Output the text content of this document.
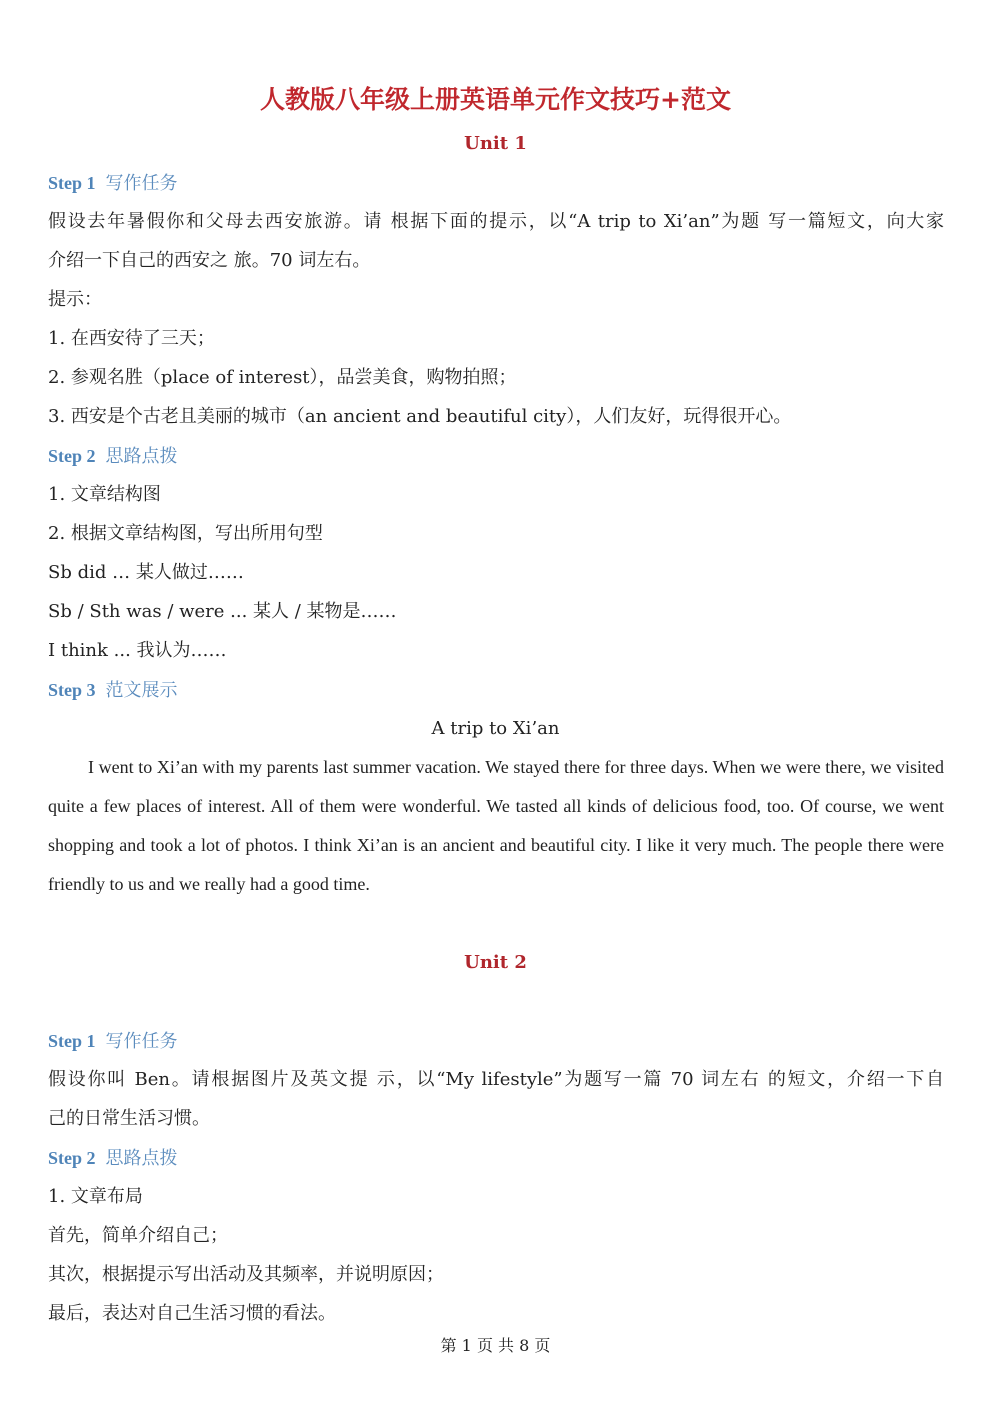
人教版八年级上册英语单元作文技巧+范文
Unit 1
Step 1 写作任务
假设去年暑假你和父母去西安旅游。请 根据下面的提示，以“A trip to Xi’an”为题 写一篇短文，向大家
介绍一下自己的西安之 旅。70 词左右。
提示：
1. 在西安待了三天；
2. 参观名胜（place of interest），品尝美食，购物拍照；
3. 西安是个古老且美丽的城市（an ancient and beautiful city），人们友好，玩得很开心。
Step 2 思路点拨
1. 文章结构图
2. 根据文章结构图，写出所用句型
Sb did … 某人做过……
Sb / Sth was / were ... 某人 / 某物是……
I think ... 我认为……
Step 3 范文展示
A trip to Xi’an
I went to Xi’an with my parents last summer vacation. We stayed there for three days. When we were there, we visited quite a few places of interest. All of them were wonderful. We tasted all kinds of delicious food, too. Of course, we went shopping and took a lot of photos. I think Xi’an is an ancient and beautiful city. I like it very much. The people there were friendly to us and we really had a good time.
Unit 2
Step 1 写作任务
假设你叫 Ben。请根据图片及英文提 示，以“My lifestyle”为题写一篇 70 词左右 的短文，介绍一下自
己的日常生活习惯。
Step 2 思路点拨
1. 文章布局
首先，简单介绍自己；
其次，根据提示写出活动及其频率，并说明原因；
最后，表达对自己生活习惯的看法。
第 1 页 共 8 页
